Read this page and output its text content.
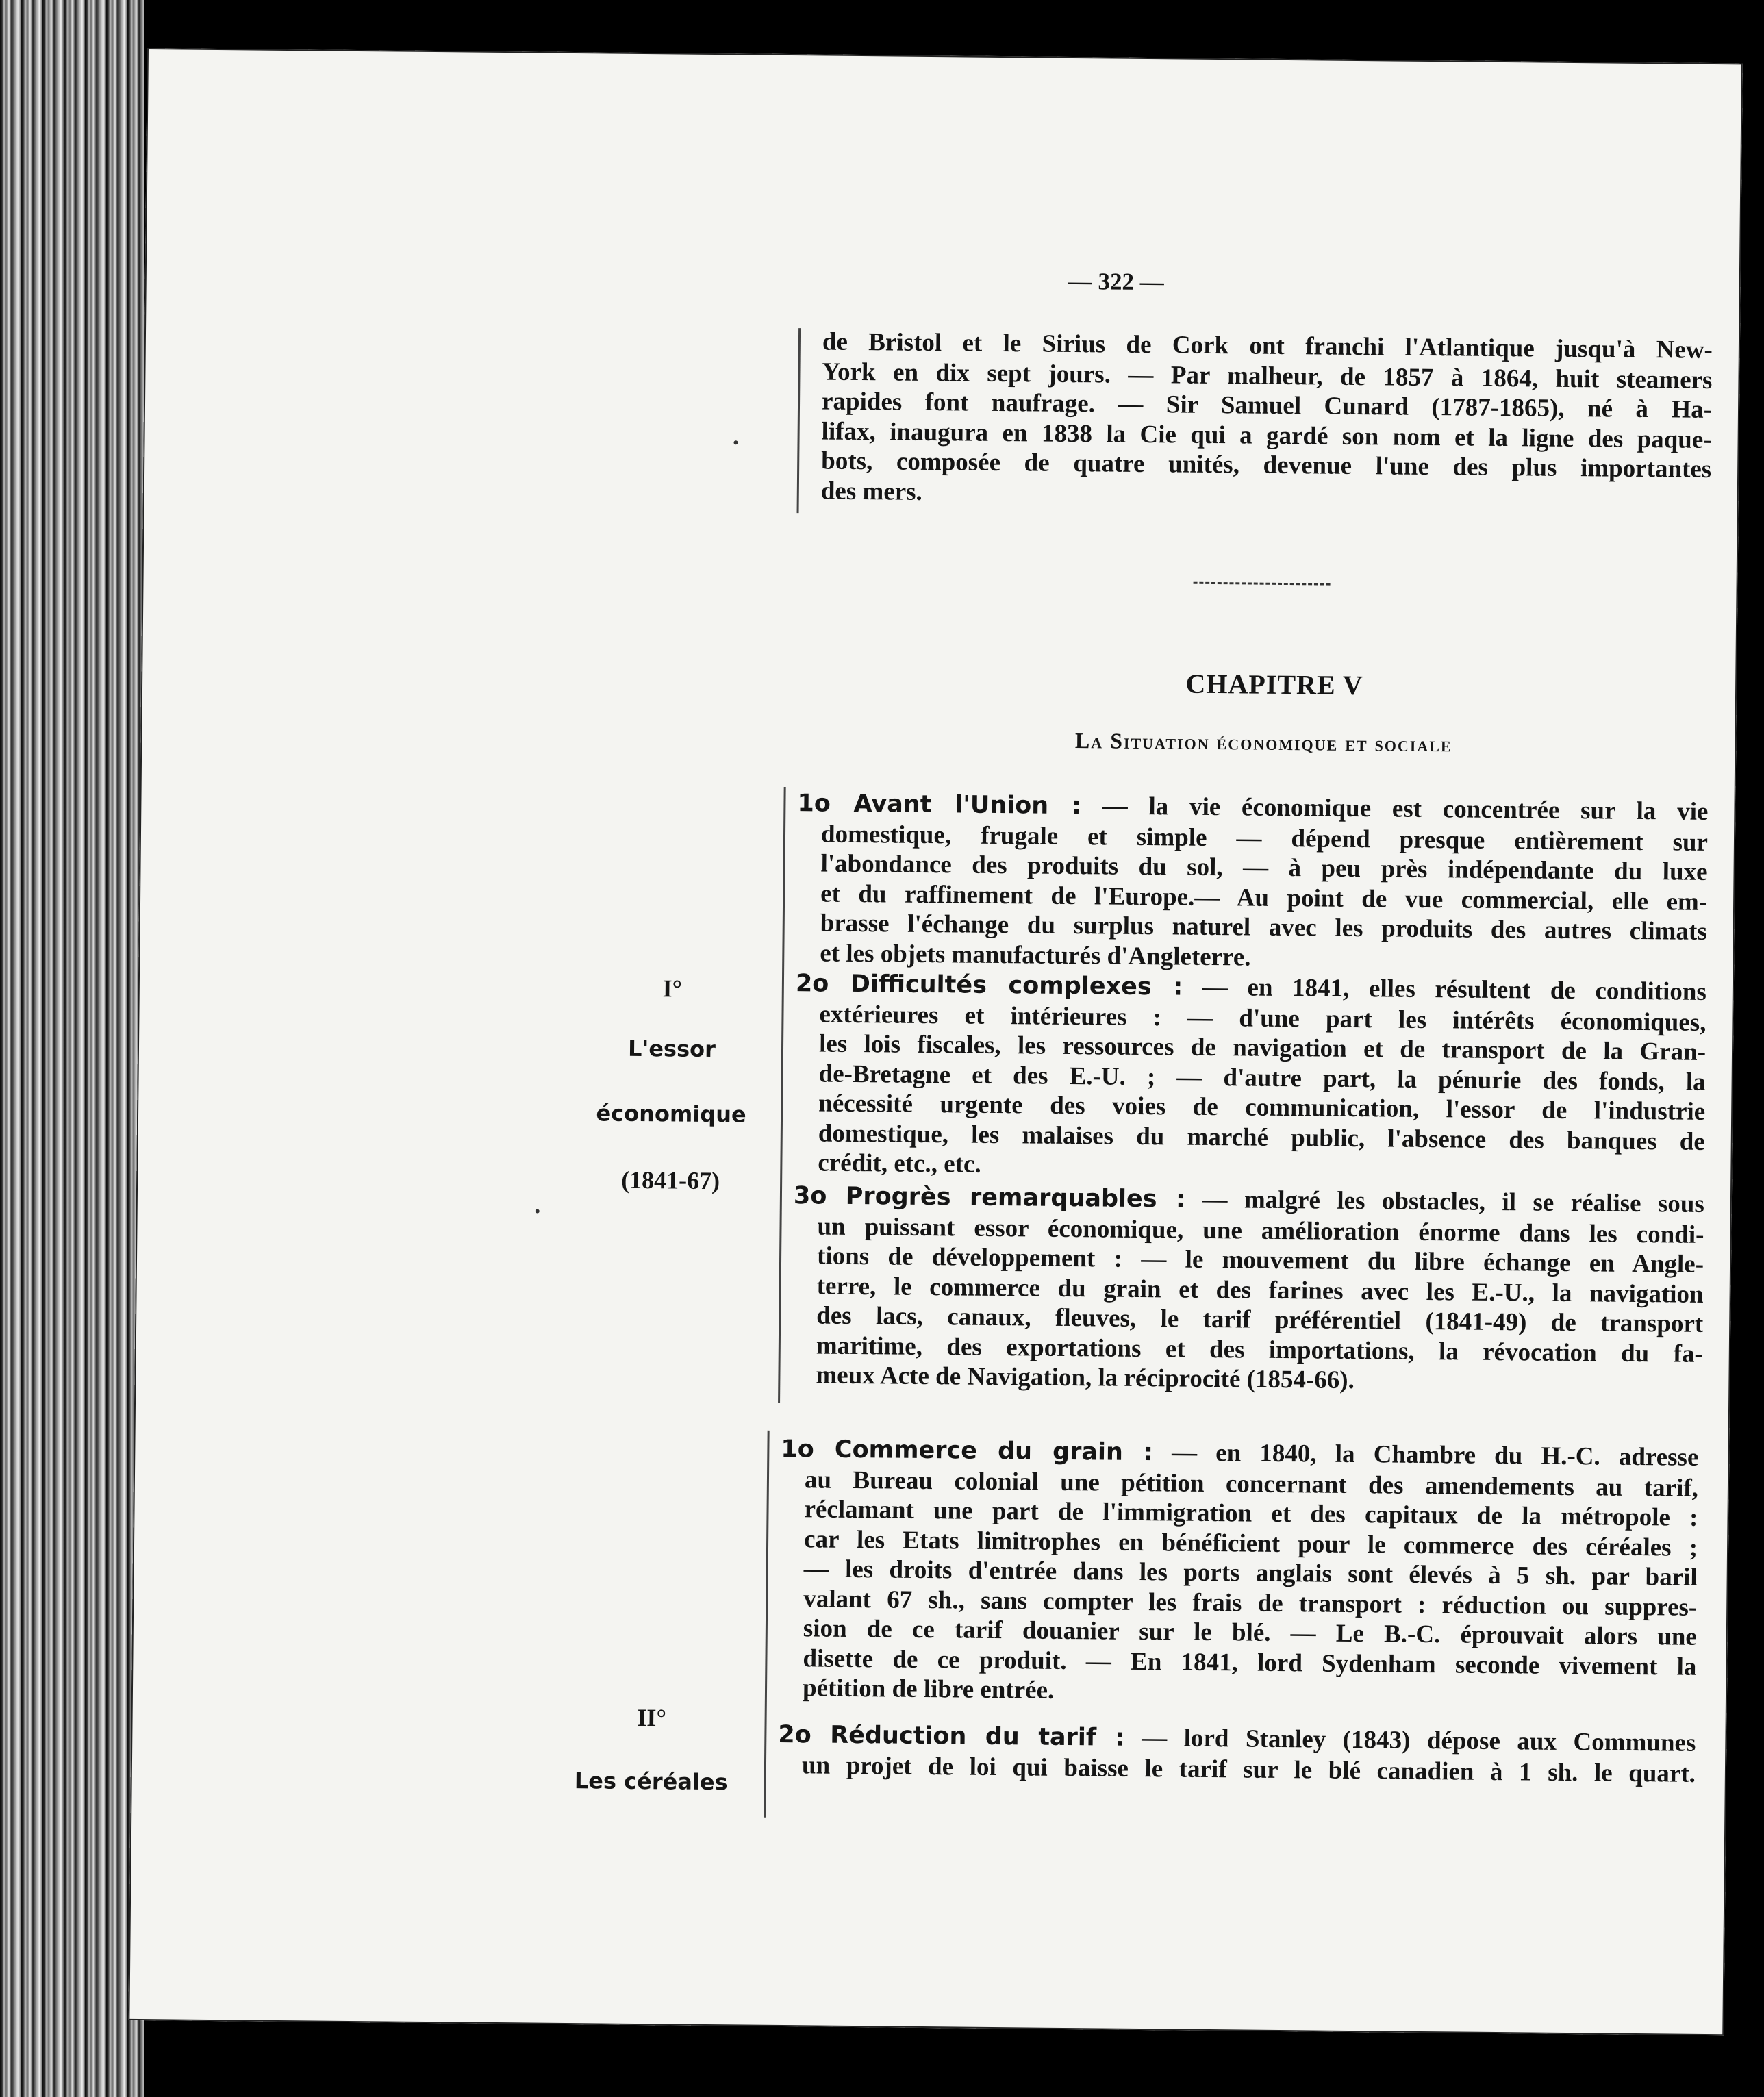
— 322 —
de Bristol et le Sirius de Cork ont franchi l'Atlantique jusqu'à New-
York en dix sept jours. — Par malheur, de 1857 à 1864, huit steamers
rapides font naufrage. — Sir Samuel Cunard (1787-1865), né à Ha-
lifax, inaugura en 1838 la Cie qui a gardé son nom et la ligne des paque-
bots, composée de quatre unités, devenue l'une des plus importantes
des mers.
CHAPITRE V
La Situation économique et sociale
I°
L'essor
économique
(1841-67)
1o Avant l'Union : — la vie économique est concentrée sur la vie
domestique, frugale et simple — dépend presque entièrement sur
l'abondance des produits du sol, — à peu près indépendante du luxe
et du raffinement de l'Europe.— Au point de vue commercial, elle em-
brasse l'échange du surplus naturel avec les produits des autres climats
et les objets manufacturés d'Angleterre.
2o Difficultés complexes : — en 1841, elles résultent de conditions
extérieures et intérieures : — d'une part les intérêts économiques,
les lois fiscales, les ressources de navigation et de transport de la Gran-
de-Bretagne et des E.-U. ; — d'autre part, la pénurie des fonds, la
nécessité urgente des voies de communication, l'essor de l'industrie
domestique, les malaises du marché public, l'absence des banques de
crédit, etc., etc.
3o Progrès remarquables : — malgré les obstacles, il se réalise sous
un puissant essor économique, une amélioration énorme dans les condi-
tions de développement : — le mouvement du libre échange en Angle-
terre, le commerce du grain et des farines avec les E.-U., la navigation
des lacs, canaux, fleuves, le tarif préférentiel (1841-49) de transport
maritime, des exportations et des importations, la révocation du fa-
meux Acte de Navigation, la réciprocité (1854-66).
II°
Les céréales
1o Commerce du grain : — en 1840, la Chambre du H.-C. adresse
au Bureau colonial une pétition concernant des amendements au tarif,
réclamant une part de l'immigration et des capitaux de la métropole :
car les Etats limitrophes en bénéficient pour le commerce des céréales ;
— les droits d'entrée dans les ports anglais sont élevés à 5 sh. par baril
valant 67 sh., sans compter les frais de transport : réduction ou suppres-
sion de ce tarif douanier sur le blé. — Le B.-C. éprouvait alors une
disette de ce produit. — En 1841, lord Sydenham seconde vivement la
pétition de libre entrée.
2o Réduction du tarif : — lord Stanley (1843) dépose aux Communes
un projet de loi qui baisse le tarif sur le blé canadien à 1 sh. le quart.
